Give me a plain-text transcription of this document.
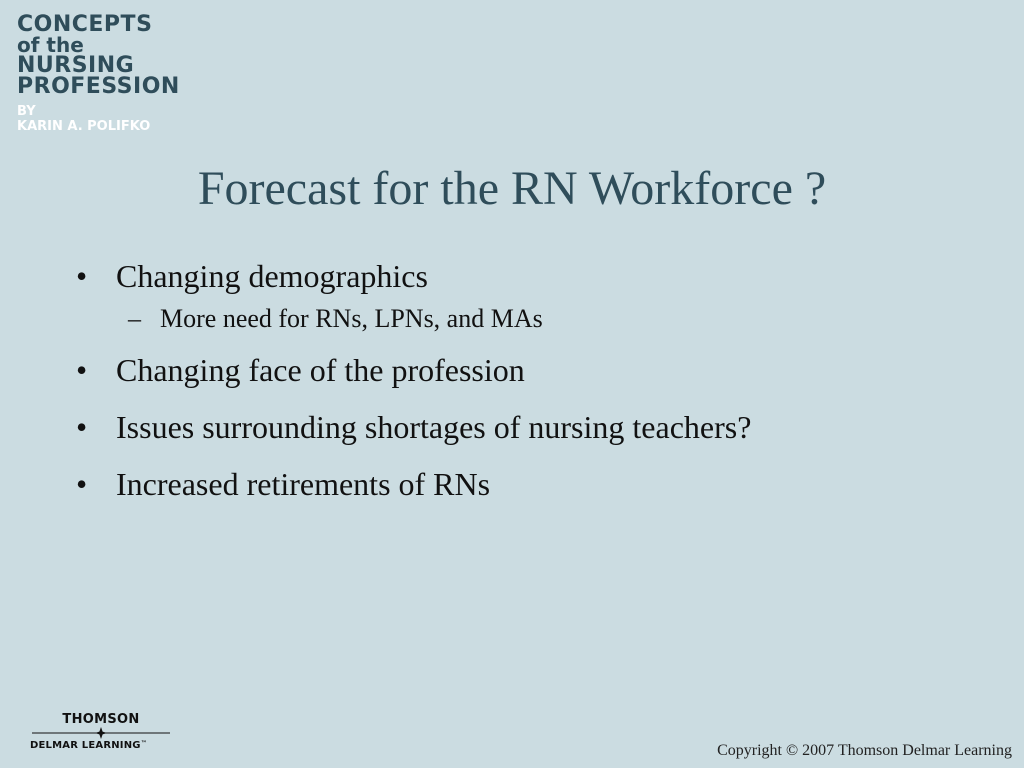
CONCEPTS
of the
NURSING
PROFESSION
BY
KARIN A. POLIFKO
Forecast for the RN Workforce ?
• Changing demographics
– More need for RNs, LPNs, and MAs
• Changing face of the profession
• Issues surrounding shortages of nursing teachers?
• Increased retirements of RNs
THOMSON
DELMAR LEARNING™	Copyright © 2007 Thomson Delmar Learning
